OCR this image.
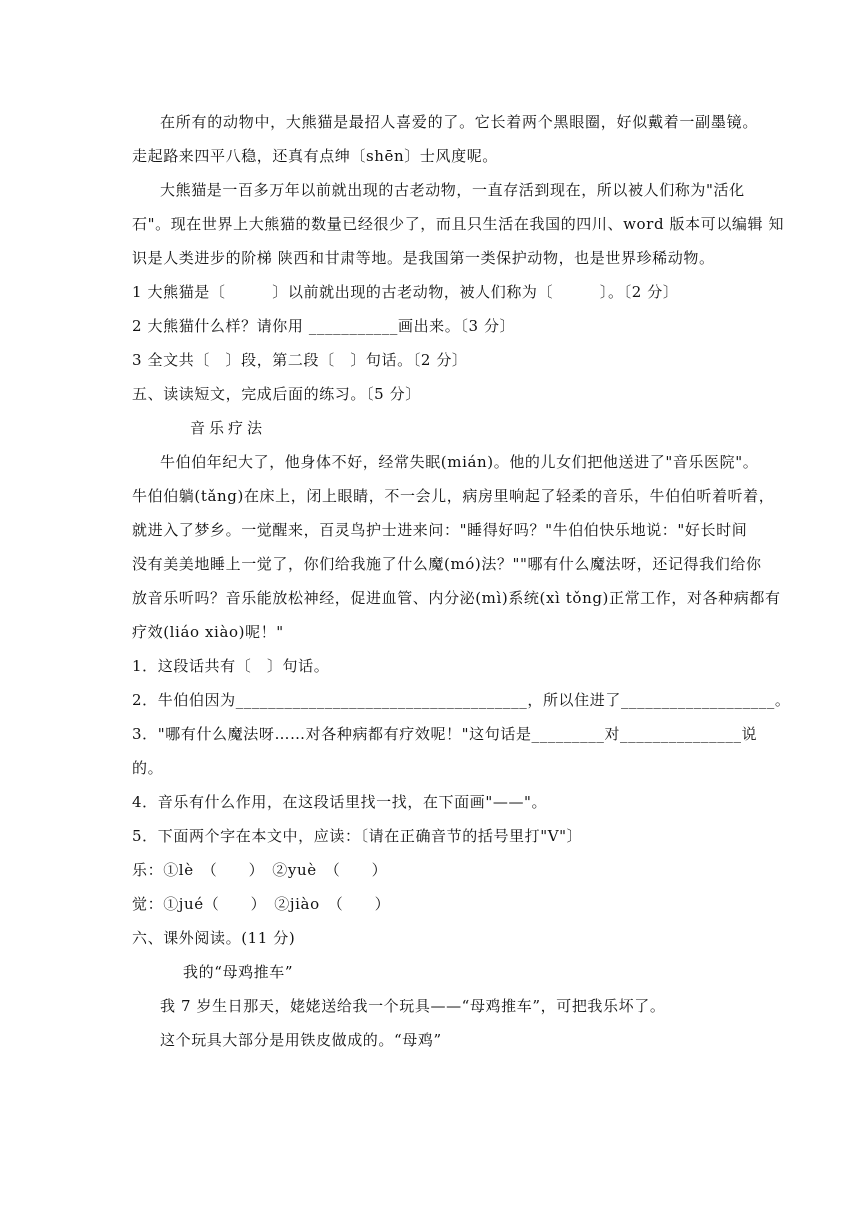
在所有的动物中，大熊猫是最招人喜爱的了。它长着两个黑眼圈，好似戴着一副墨镜。
走起路来四平八稳，还真有点绅〔shēn〕士风度呢。
大熊猫是一百多万年以前就出现的古老动物，一直存活到现在，所以被人们称为"活化
石"。现在世界上大熊猫的数量已经很少了，而且只生活在我国的四川、word 版本可以编辑 知
识是人类进步的阶梯 陕西和甘肃等地。是我国第一类保护动物，也是世界珍稀动物。
1 大熊猫是〔　　　〕以前就出现的古老动物，被人们称为〔　　　〕。〔2 分〕
2 大熊猫什么样？请你用 ___________画出来。〔3 分〕
3 全文共〔　〕段，第二段〔　〕句话。〔2 分〕
五、读读短文，完成后面的练习。〔5 分〕
音乐疗法
牛伯伯年纪大了，他身体不好，经常失眠(mián)。他的儿女们把他送进了"音乐医院"。
牛伯伯躺(tǎng)在床上，闭上眼睛，不一会儿，病房里响起了轻柔的音乐，牛伯伯听着听着，
就进入了梦乡。一觉醒来，百灵鸟护士进来问："睡得好吗？"牛伯伯快乐地说："好长时间
没有美美地睡上一觉了，你们给我施了什么魔(mó)法？""哪有什么魔法呀，还记得我们给你
放音乐听吗？音乐能放松神经，促进血管、内分泌(mì)系统(xì tǒng)正常工作，对各种病都有
疗效(liáo xiào)呢！"
1．这段话共有〔　〕句话。
2．牛伯伯因为____________________________________，所以住进了___________________。
3．"哪有什么魔法呀……对各种病都有疗效呢！"这句话是_________对_______________说
的。
4．音乐有什么作用，在这段话里找一找，在下面画"——"。
5．下面两个字在本文中，应读：〔请在正确音节的括号里打"V"〕
乐：①lè　（　　）　②yuè　（　　）
觉：①jué（　　）　②jiào　（　　）
六、课外阅读。(11 分)
我的“母鸡推车”
我 7 岁生日那天，姥姥送给我一个玩具——“母鸡推车”，可把我乐坏了。
这个玩具大部分是用铁皮做成的。“母鸡”
